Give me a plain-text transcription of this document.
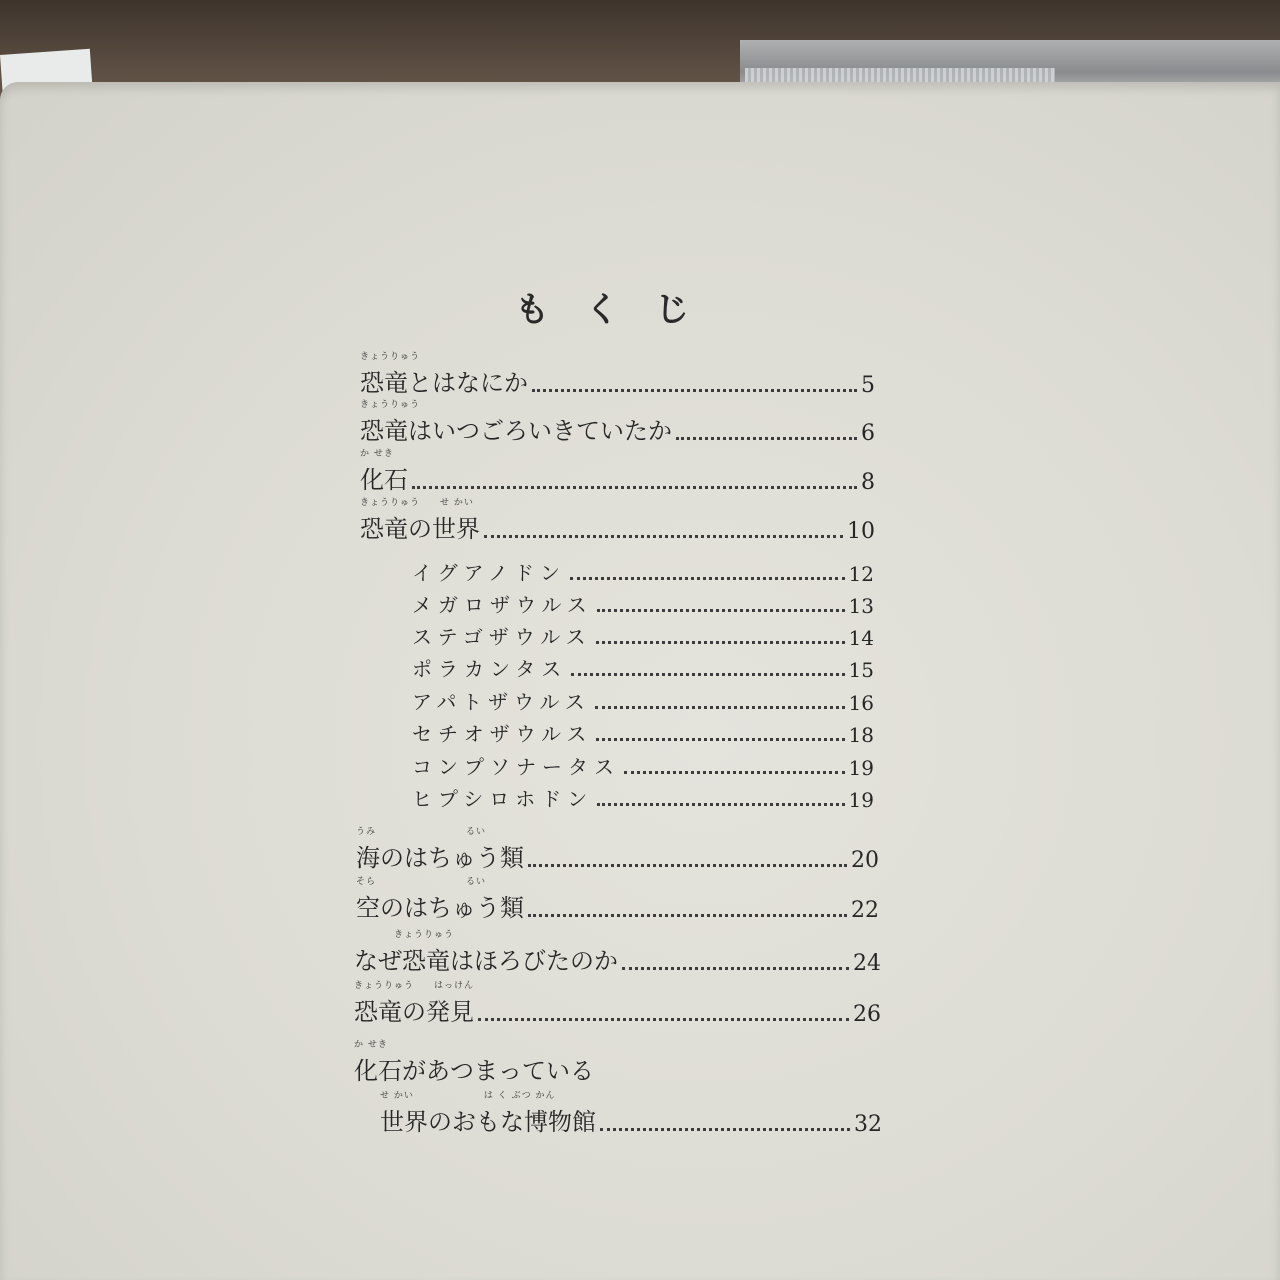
もくじ
きょうりゅう
恐竜とはなにか	5
きょうりゅう
恐竜はいつごろいきていたか	6
か せき
化石	8
きょうりゅう　　せ かい
恐竜の世界	10
イグアノドン	12
メガロザウルス	13
ステゴザウルス	14
ポラカンタス	15
アパトザウルス	16
セチオザウルス	18
コンプソナータス	19
ヒプシロホドン	19
うみ　　　　　　　　　るい
海のはちゅう類	20
そら　　　　　　　　　るい
空のはちゅう類	22
　　　　きょうりゅう
なぜ恐竜はほろびたのか	24
きょうりゅう　　はっけん
恐竜の発見	26
か せき
化石があつまっている
せ かい　　　　　　　は く ぶつ かん
世界のおもな博物館	32
